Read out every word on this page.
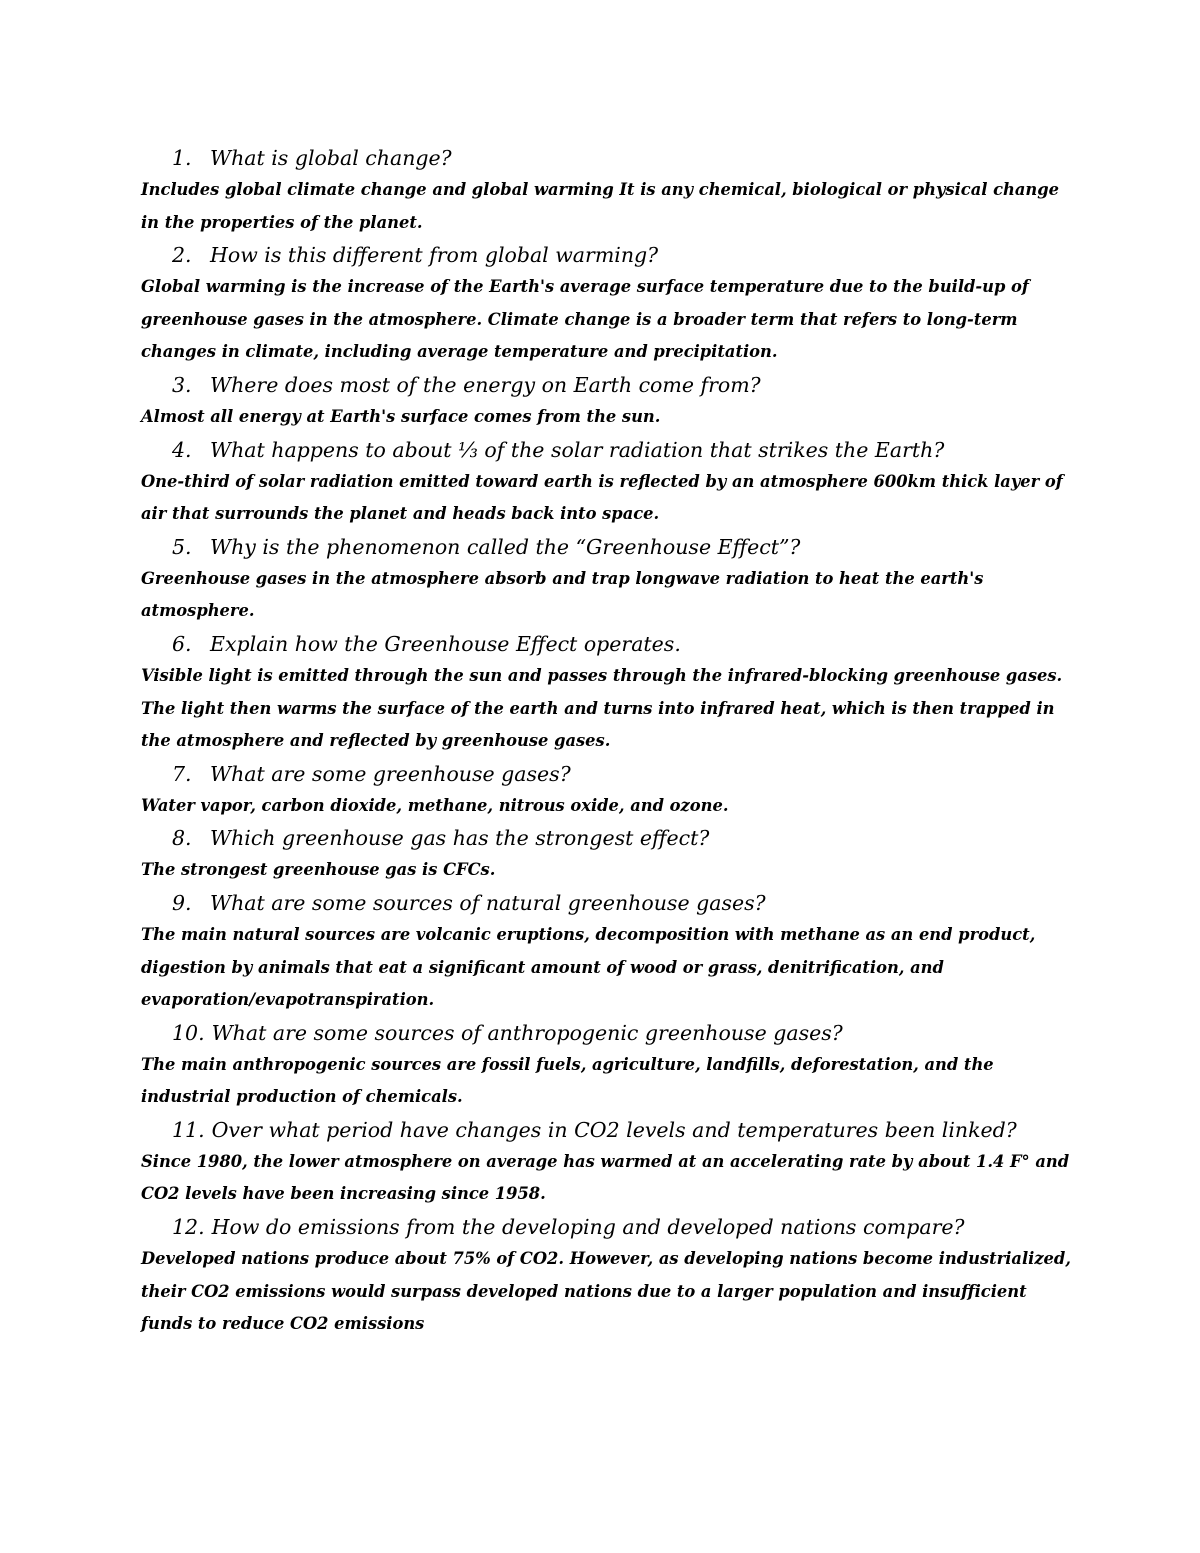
1. What is global change?

Includes global climate change and global warming It is any chemical, biological or physical change in the properties of the planet.

2. How is this different from global warming?

Global warming is the increase of the Earth's average surface temperature due to the build-up of greenhouse gases in the atmosphere. Climate change is a broader term that refers to long-term changes in climate, including average temperature and precipitation.

3. Where does most of the energy on Earth come from?

Almost all energy at Earth's surface comes from the sun.

4. What happens to about ⅓ of the solar radiation that strikes the Earth?

One-third of solar radiation emitted toward earth is reflected by an atmosphere 600km thick layer of air that surrounds the planet and heads back into space.

5. Why is the phenomenon called the “Greenhouse Effect”?

Greenhouse gases in the atmosphere absorb and trap longwave radiation to heat the earth's atmosphere.

6. Explain how the Greenhouse Effect operates.

Visible light is emitted through the sun and passes through the infrared-blocking greenhouse gases. The light then warms the surface of the earth and turns into infrared heat, which is then trapped in the atmosphere and reflected by greenhouse gases.

7. What are some greenhouse gases?

Water vapor, carbon dioxide, methane, nitrous oxide, and ozone.

8. Which greenhouse gas has the strongest effect?

The strongest greenhouse gas is CFCs.

9. What are some sources of natural greenhouse gases?

The main natural sources are volcanic eruptions, decomposition with methane as an end product, digestion by animals that eat a significant amount of wood or grass, denitrification, and evaporation/evapotranspiration.

10. What are some sources of anthropogenic greenhouse gases?

The main anthropogenic sources are fossil fuels, agriculture, landfills, deforestation, and the industrial production of chemicals.

11. Over what period have changes in CO2 levels and temperatures been linked?

Since 1980, the lower atmosphere on average has warmed at an accelerating rate by about 1.4 F° and CO2 levels have been increasing since 1958.

12. How do emissions from the developing and developed nations compare?

Developed nations produce about 75% of CO2. However, as developing nations become industrialized, their CO2 emissions would surpass developed nations due to a larger population and insufficient funds to reduce CO2 emissions
